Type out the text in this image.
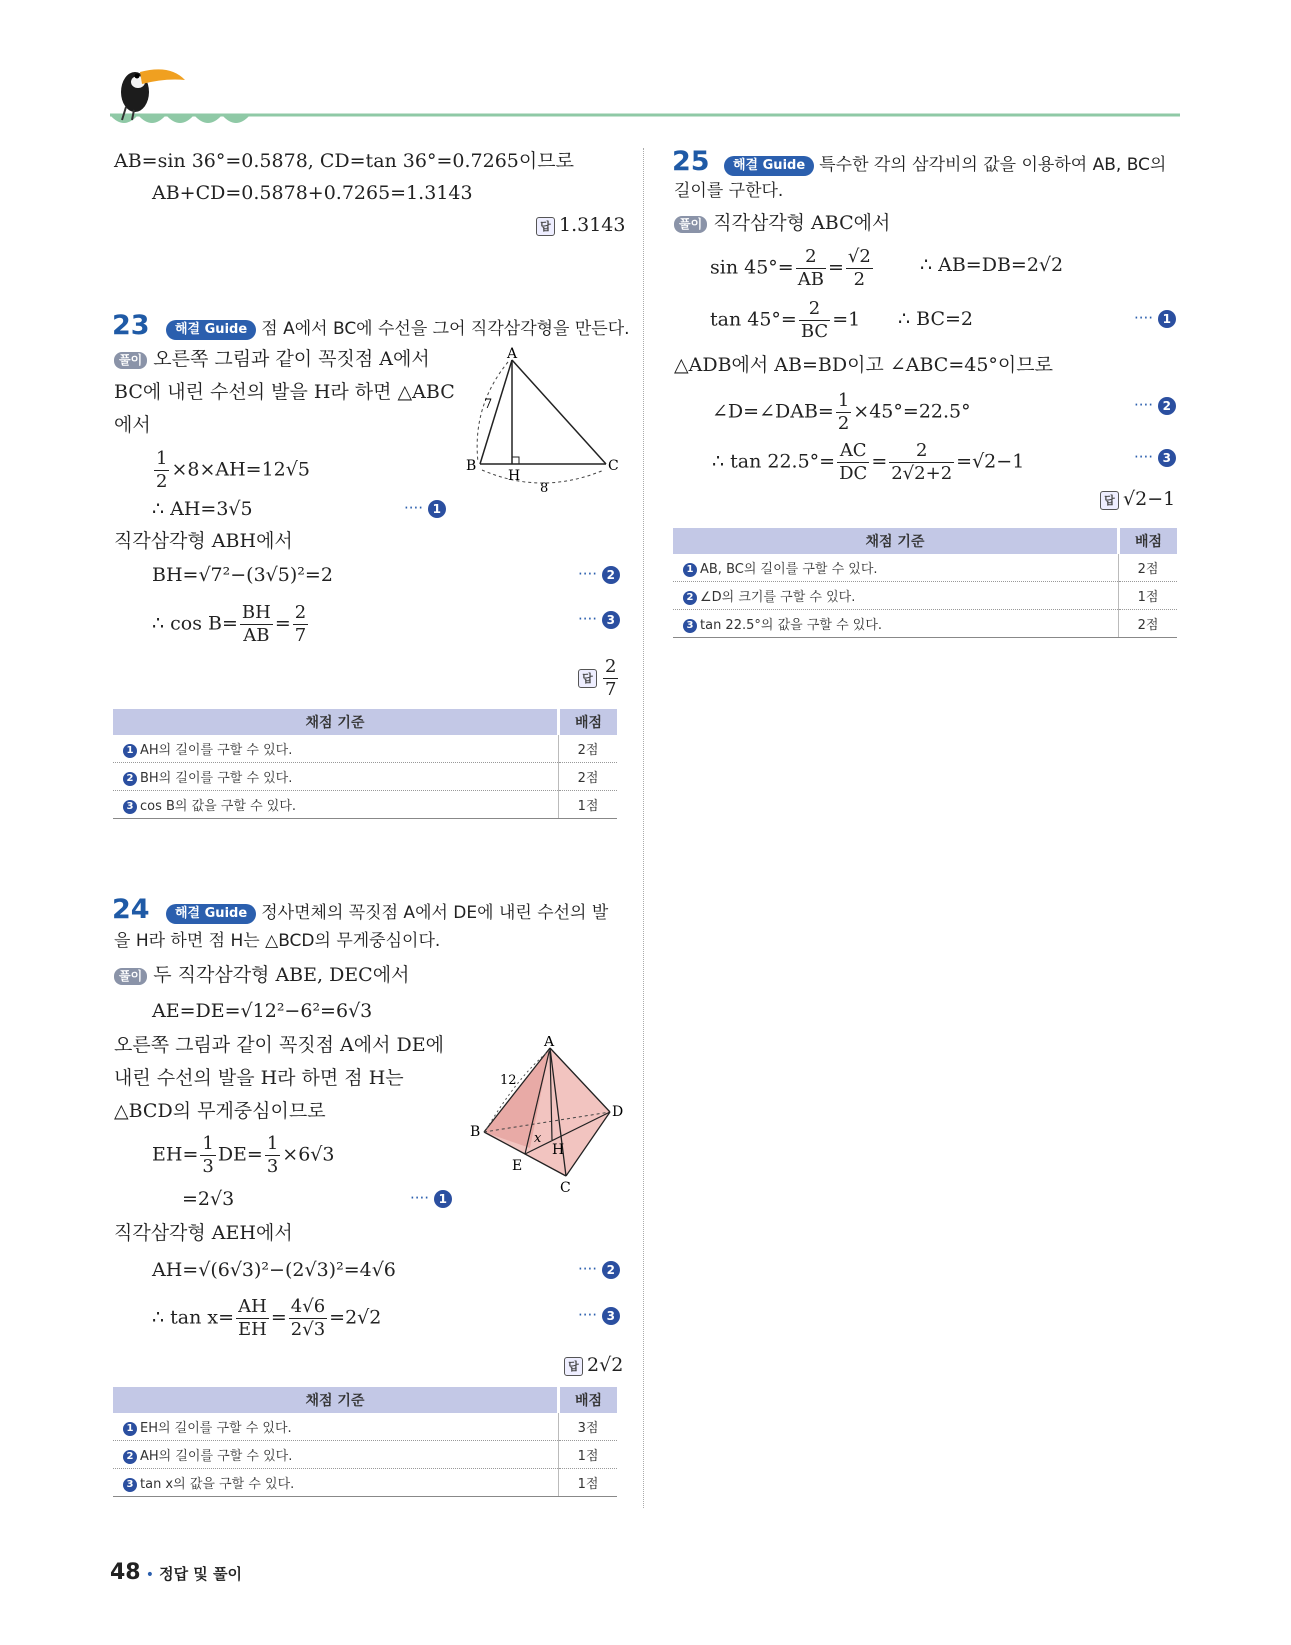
AB=sin 36°=0.5878, CD=tan 36°=0.7265이므로
AB+CD=0.5878+0.7265=1.3143
답 1.3143
23	해결 Guide 점 A에서 BC에 수선을 그어 직각삼각형을 만든다.
풀이 오른쪽 그림과 같이 꼭짓점 A에서
BC에 내린 수선의 발을 H라 하면 △ABC
에서
$\frac{1}{2} \times 8\times AH=12√5$
∴ AH=3√5	···· 1
직각삼각형 ABH에서
BH=√7²−(3√5)²=2	···· 2
∴ $\cos B= \frac{BH}{AB} = \frac{2}{7}$	···· 3
답 $\frac{2}{7}$
A
B	C
H
7
8
채점 기준	배점
1 AH의 길이를 구할 수 있다.	2점
2 BH의 길이를 구할 수 있다.	2점
3 cos B의 값을 구할 수 있다.	1점
24	해결 Guide 정사면체의 꼭짓점 A에서 DE에 내린 수선의 발
을 H라 하면 점 H는 △BCD의 무게중심이다.
풀이 두 직각삼각형 ABE, DEC에서
AE=DE=√12²−6²=6√3
오른쪽 그림과 같이 꼭짓점 A에서 DE에
내린 수선의 발을 H라 하면 점 H는
△BCD의 무게중심이므로
$EH= \frac{1}{3} DE= \frac{1}{3} \times 6√3$
=2√3	···· 1
직각삼각형 AEH에서
AH=√(6√3)²−(2√3)²=4√6	···· 2
∴ $\tan x= \frac{AH}{EH} = \frac{4√6}{2√3} =2√2$	···· 3
답 2√2
A
B
C
D
E
H
x
12
채점 기준	배점
1 EH의 길이를 구할 수 있다.	3점
2 AH의 길이를 구할 수 있다.	1점
3 tan x의 값을 구할 수 있다.	1점
25	해결 Guide 특수한 각의 삼각비의 값을 이용하여 AB, BC의
길이를 구한다.
풀이 직각삼각형 ABC에서
$\sin 45^\circ= \frac{2}{AB} = \frac{√2}{2}$ ∴ AB=DB=2√2
$\tan 45^\circ= \frac{2}{BC} =1$ ∴ BC=2	···· 1
△ADB에서 AB=BD이고 ∠ABC=45°이므로
∠D=∠DAB= $\frac{1}{2} \times 45^\circ=22.5^\circ$	···· 2
∴ $\tan 22.5^\circ= \frac{AC}{DC} = \frac{2}{2√2+2} =√2-1$	···· 3
답 √2−1
채점 기준	배점
1 AB, BC의 길이를 구할 수 있다.	2점
2 ∠D의 크기를 구할 수 있다.	1점
3 tan 22.5°의 값을 구할 수 있다.	2점
48 • 정답 및 풀이
